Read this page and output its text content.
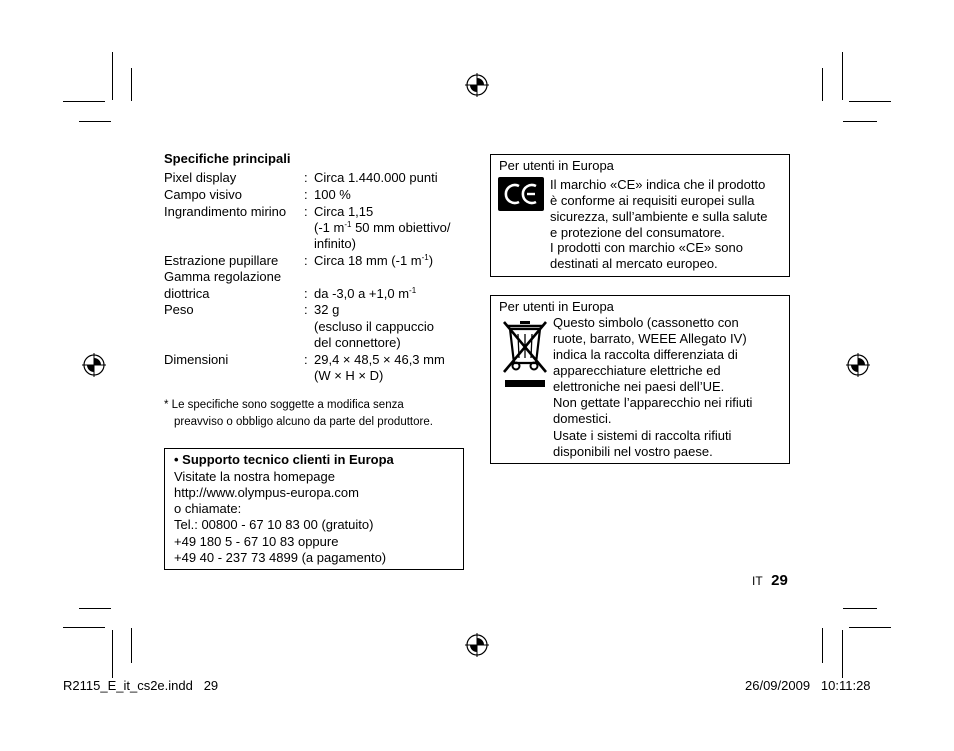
Specifiche principali
Pixel display	: Circa 1.440.000 punti
Campo visivo	: 100 %
Ingrandimento mirino : Circa 1,15
(-1 $m^{-1}$ 50 mm obiettivo/
infinito)
Estrazione pupillare : Circa 18 mm (-1 $m^{-1}$)
Gamma regolazione
diottrica	: da -3,0 a +1,0 $m^{-1}$
Peso	: 32 g
(escluso il cappuccio
del connettore)
Dimensioni	: 29,4 × 48,5 × 46,3 mm
(W × H × D)
* Le specifiche sono soggette a modifica senza
preavviso o obbligo alcuno da parte del produttore.
• Supporto tecnico clienti in Europa
Visitate la nostra homepage
http://www.olympus-europa.com
o chiamate:
Tel.: 00800 - 67 10 83 00 (gratuito)
+49 180 5 - 67 10 83 oppure
+49 40 - 237 73 4899 (a pagamento)
Per utenti in Europa
Il marchio «CE» indica che il prodotto
è conforme ai requisiti europei sulla
sicurezza, sull’ambiente e sulla salute
e protezione del consumatore.
I prodotti con marchio «CE» sono
destinati al mercato europeo.
Per utenti in Europa
Questo simbolo (cassonetto con
ruote, barrato, WEEE Allegato IV)
indica la raccolta differenziata di
apparecchiature elettriche ed
elettroniche nei paesi dell’UE.
Non gettate l’apparecchio nei rifiuti
domestici.
Usate i sistemi di raccolta rifiuti
disponibili nel vostro paese.
IT 29
R2115_E_it_cs2e.indd   29	26/09/2009   10:11:28
